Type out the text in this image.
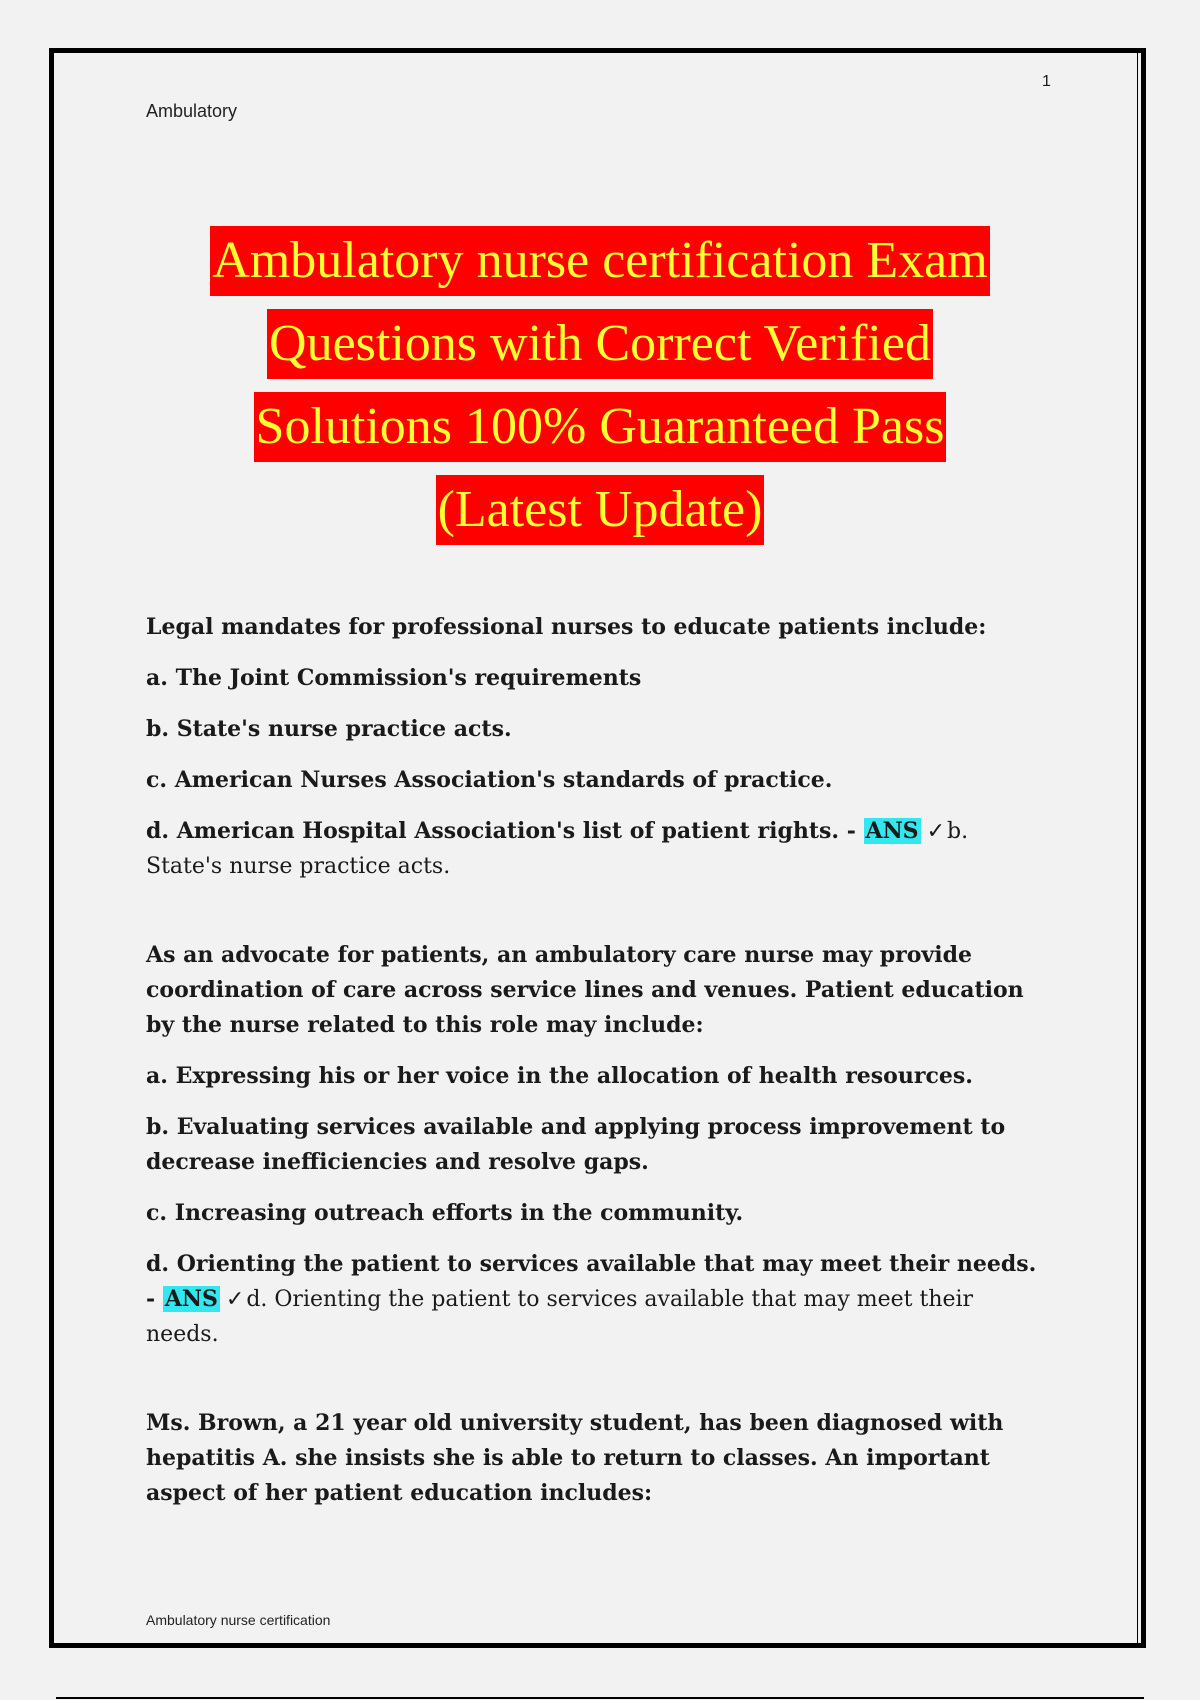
1
Ambulatory
Ambulatory nurse certification Exam
Questions with Correct Verified
Solutions 100% Guaranteed Pass
(Latest Update)
Legal mandates for professional nurses to educate patients include:
a. The Joint Commission's requirements
b. State's nurse practice acts.
c. American Nurses Association's standards of practice.
d. American Hospital Association's list of patient rights. - ANS ✓b. State's nurse practice acts.
As an advocate for patients, an ambulatory care nurse may provide coordination of care across service lines and venues. Patient education by the nurse related to this role may include:
a. Expressing his or her voice in the allocation of health resources.
b. Evaluating services available and applying process improvement to decrease inefficiencies and resolve gaps.
c. Increasing outreach efforts in the community.
d. Orienting the patient to services available that may meet their needs. - ANS ✓d. Orienting the patient to services available that may meet their needs.
Ms. Brown, a 21 year old university student, has been diagnosed with hepatitis A. she insists she is able to return to classes. An important aspect of her patient education includes:
Ambulatory nurse certification
